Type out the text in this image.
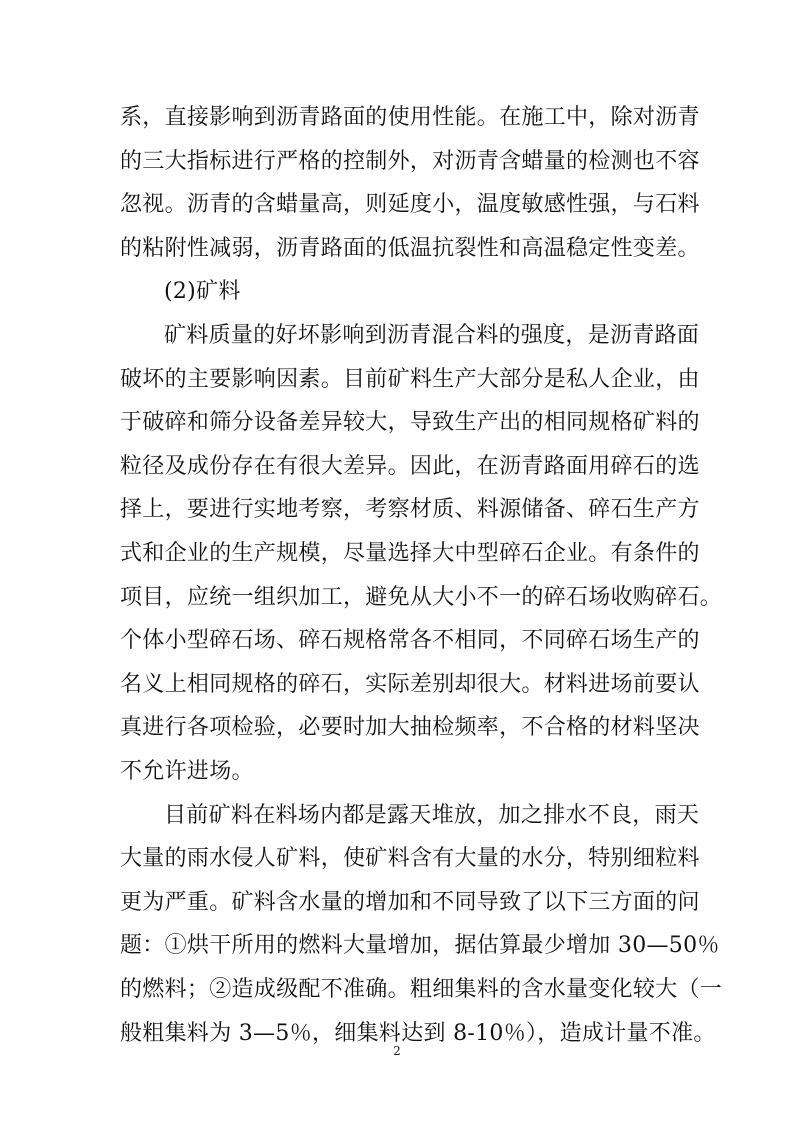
系，直接影响到沥青路面的使用性能。在施工中，除对沥青

的三大指标进行严格的控制外，对沥青含蜡量的检测也不容

忽视。沥青的含蜡量高，则延度小，温度敏感性强，与石料

的粘附性减弱，沥青路面的低温抗裂性和高温稳定性变差。

(2)矿料

矿料质量的好坏影响到沥青混合料的强度，是沥青路面

破坏的主要影响因素。目前矿料生产大部分是私人企业，由

于破碎和筛分设备差异较大，导致生产出的相同规格矿料的

粒径及成份存在有很大差异。因此，在沥青路面用碎石的选

择上，要进行实地考察，考察材质、料源储备、碎石生产方

式和企业的生产规模，尽量选择大中型碎石企业。有条件的

项目，应统一组织加工，避免从大小不一的碎石场收购碎石。

个体小型碎石场、碎石规格常各不相同，不同碎石场生产的

名义上相同规格的碎石，实际差别却很大。材料进场前要认

真进行各项检验，必要时加大抽检频率，不合格的材料坚决

不允许进场。

目前矿料在料场内都是露天堆放，加之排水不良，雨天

大量的雨水侵人矿料，使矿料含有大量的水分，特别细粒料

更为严重。矿料含水量的增加和不同导致了以下三方面的问

题：①烘干所用的燃料大量增加，据估算最少增加 30—50％

的燃料；②造成级配不准确。粗细集料的含水量变化较大（一

般粗集料为 3—5％，细集料达到 8-10％），造成计量不准。

2
